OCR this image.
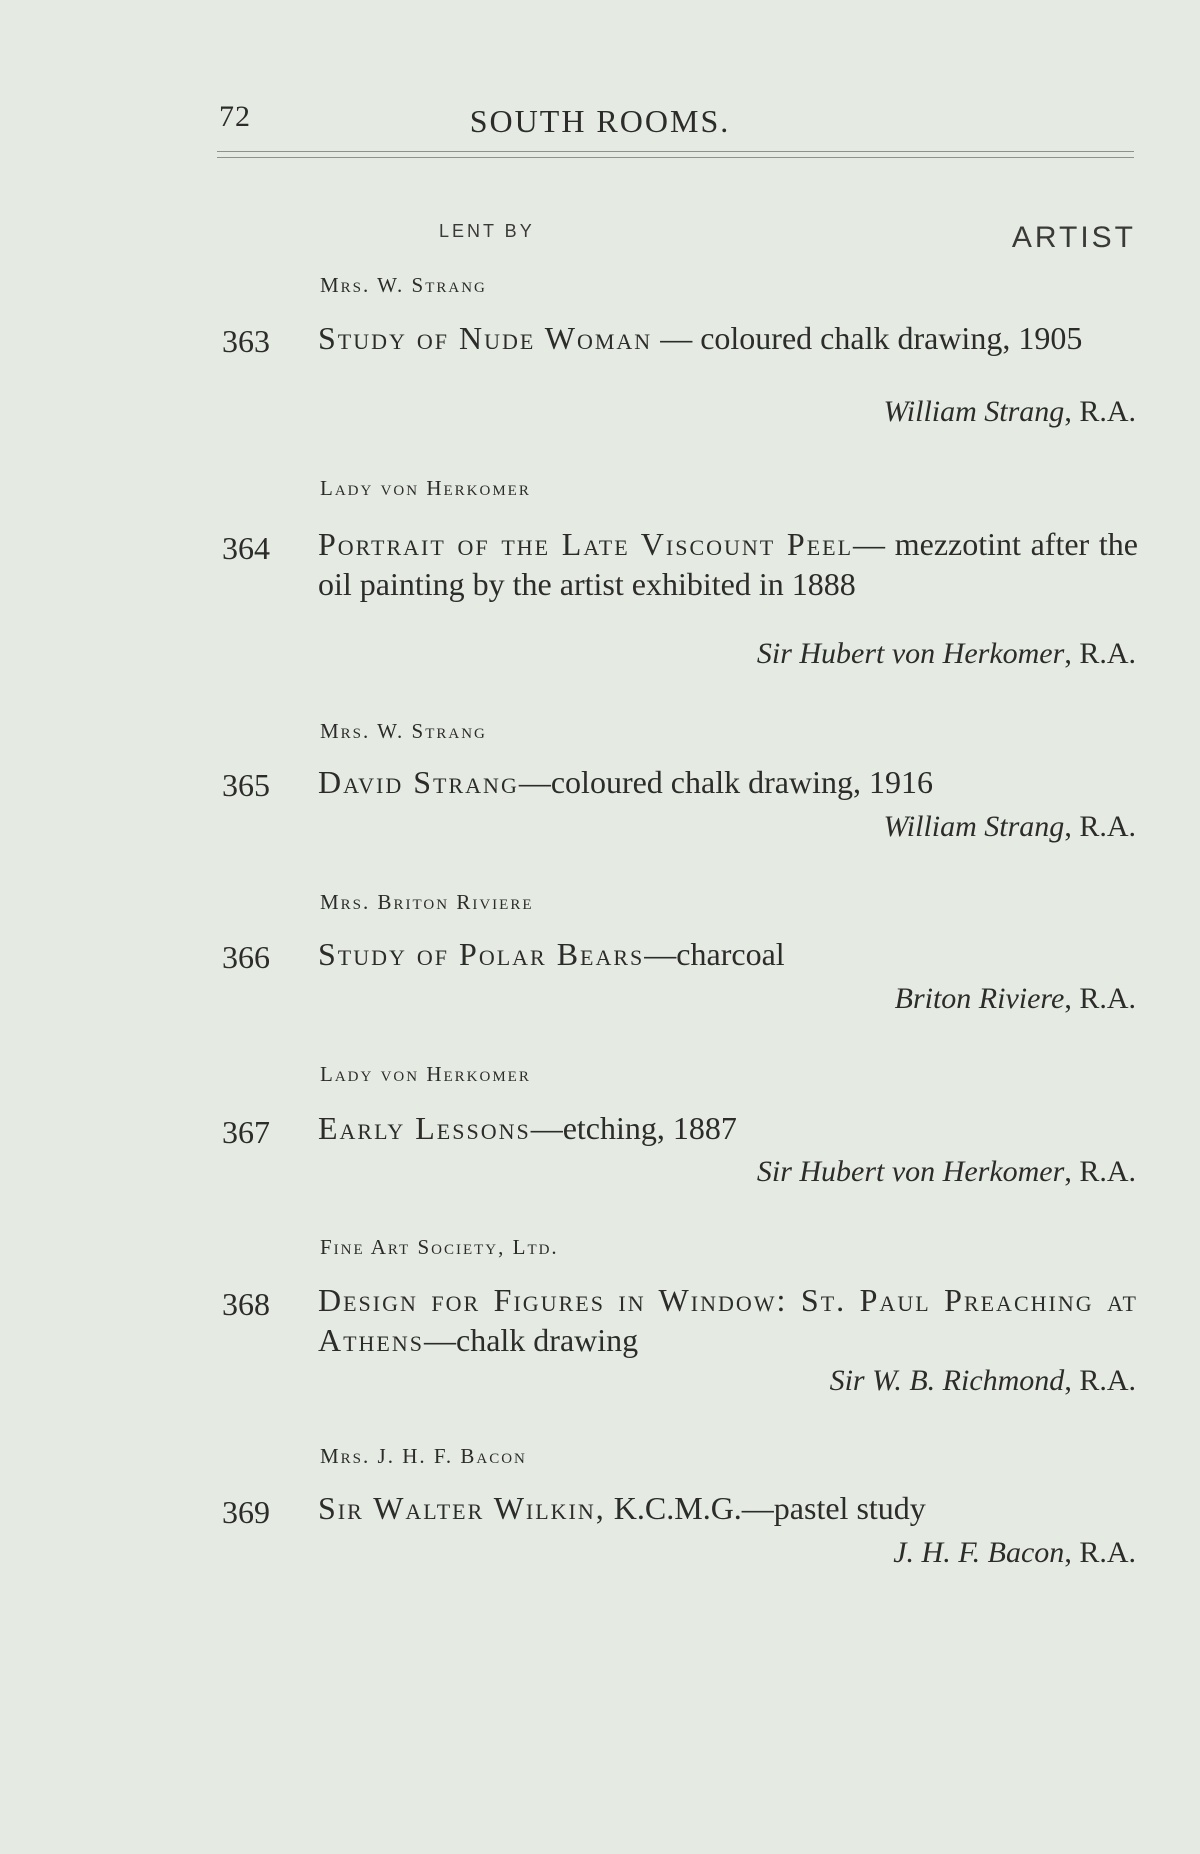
72	SOUTH ROOMS.
LENT BY	ARTIST
Mrs. W. Strang
363 Study of Nude Woman — coloured chalk drawing, 1905
William Strang, R.A.
Lady von Herkomer
364 Portrait of the Late Viscount Peel— mezzotint after the oil painting by the artist exhibited in 1888
Sir Hubert von Herkomer, R.A.
Mrs. W. Strang
365 David Strang—coloured chalk drawing, 1916
William Strang, R.A.
Mrs. Briton Riviere
366 Study of Polar Bears—charcoal
Briton Riviere, R.A.
Lady von Herkomer
367 Early Lessons—etching, 1887
Sir Hubert von Herkomer, R.A.
Fine Art Society, Ltd.
368 Design for Figures in Window: St. Paul Preaching at Athens—chalk drawing
Sir W. B. Richmond, R.A.
Mrs. J. H. F. Bacon
369 Sir Walter Wilkin, K.C.M.G.—pastel study
J. H. F. Bacon, R.A.
